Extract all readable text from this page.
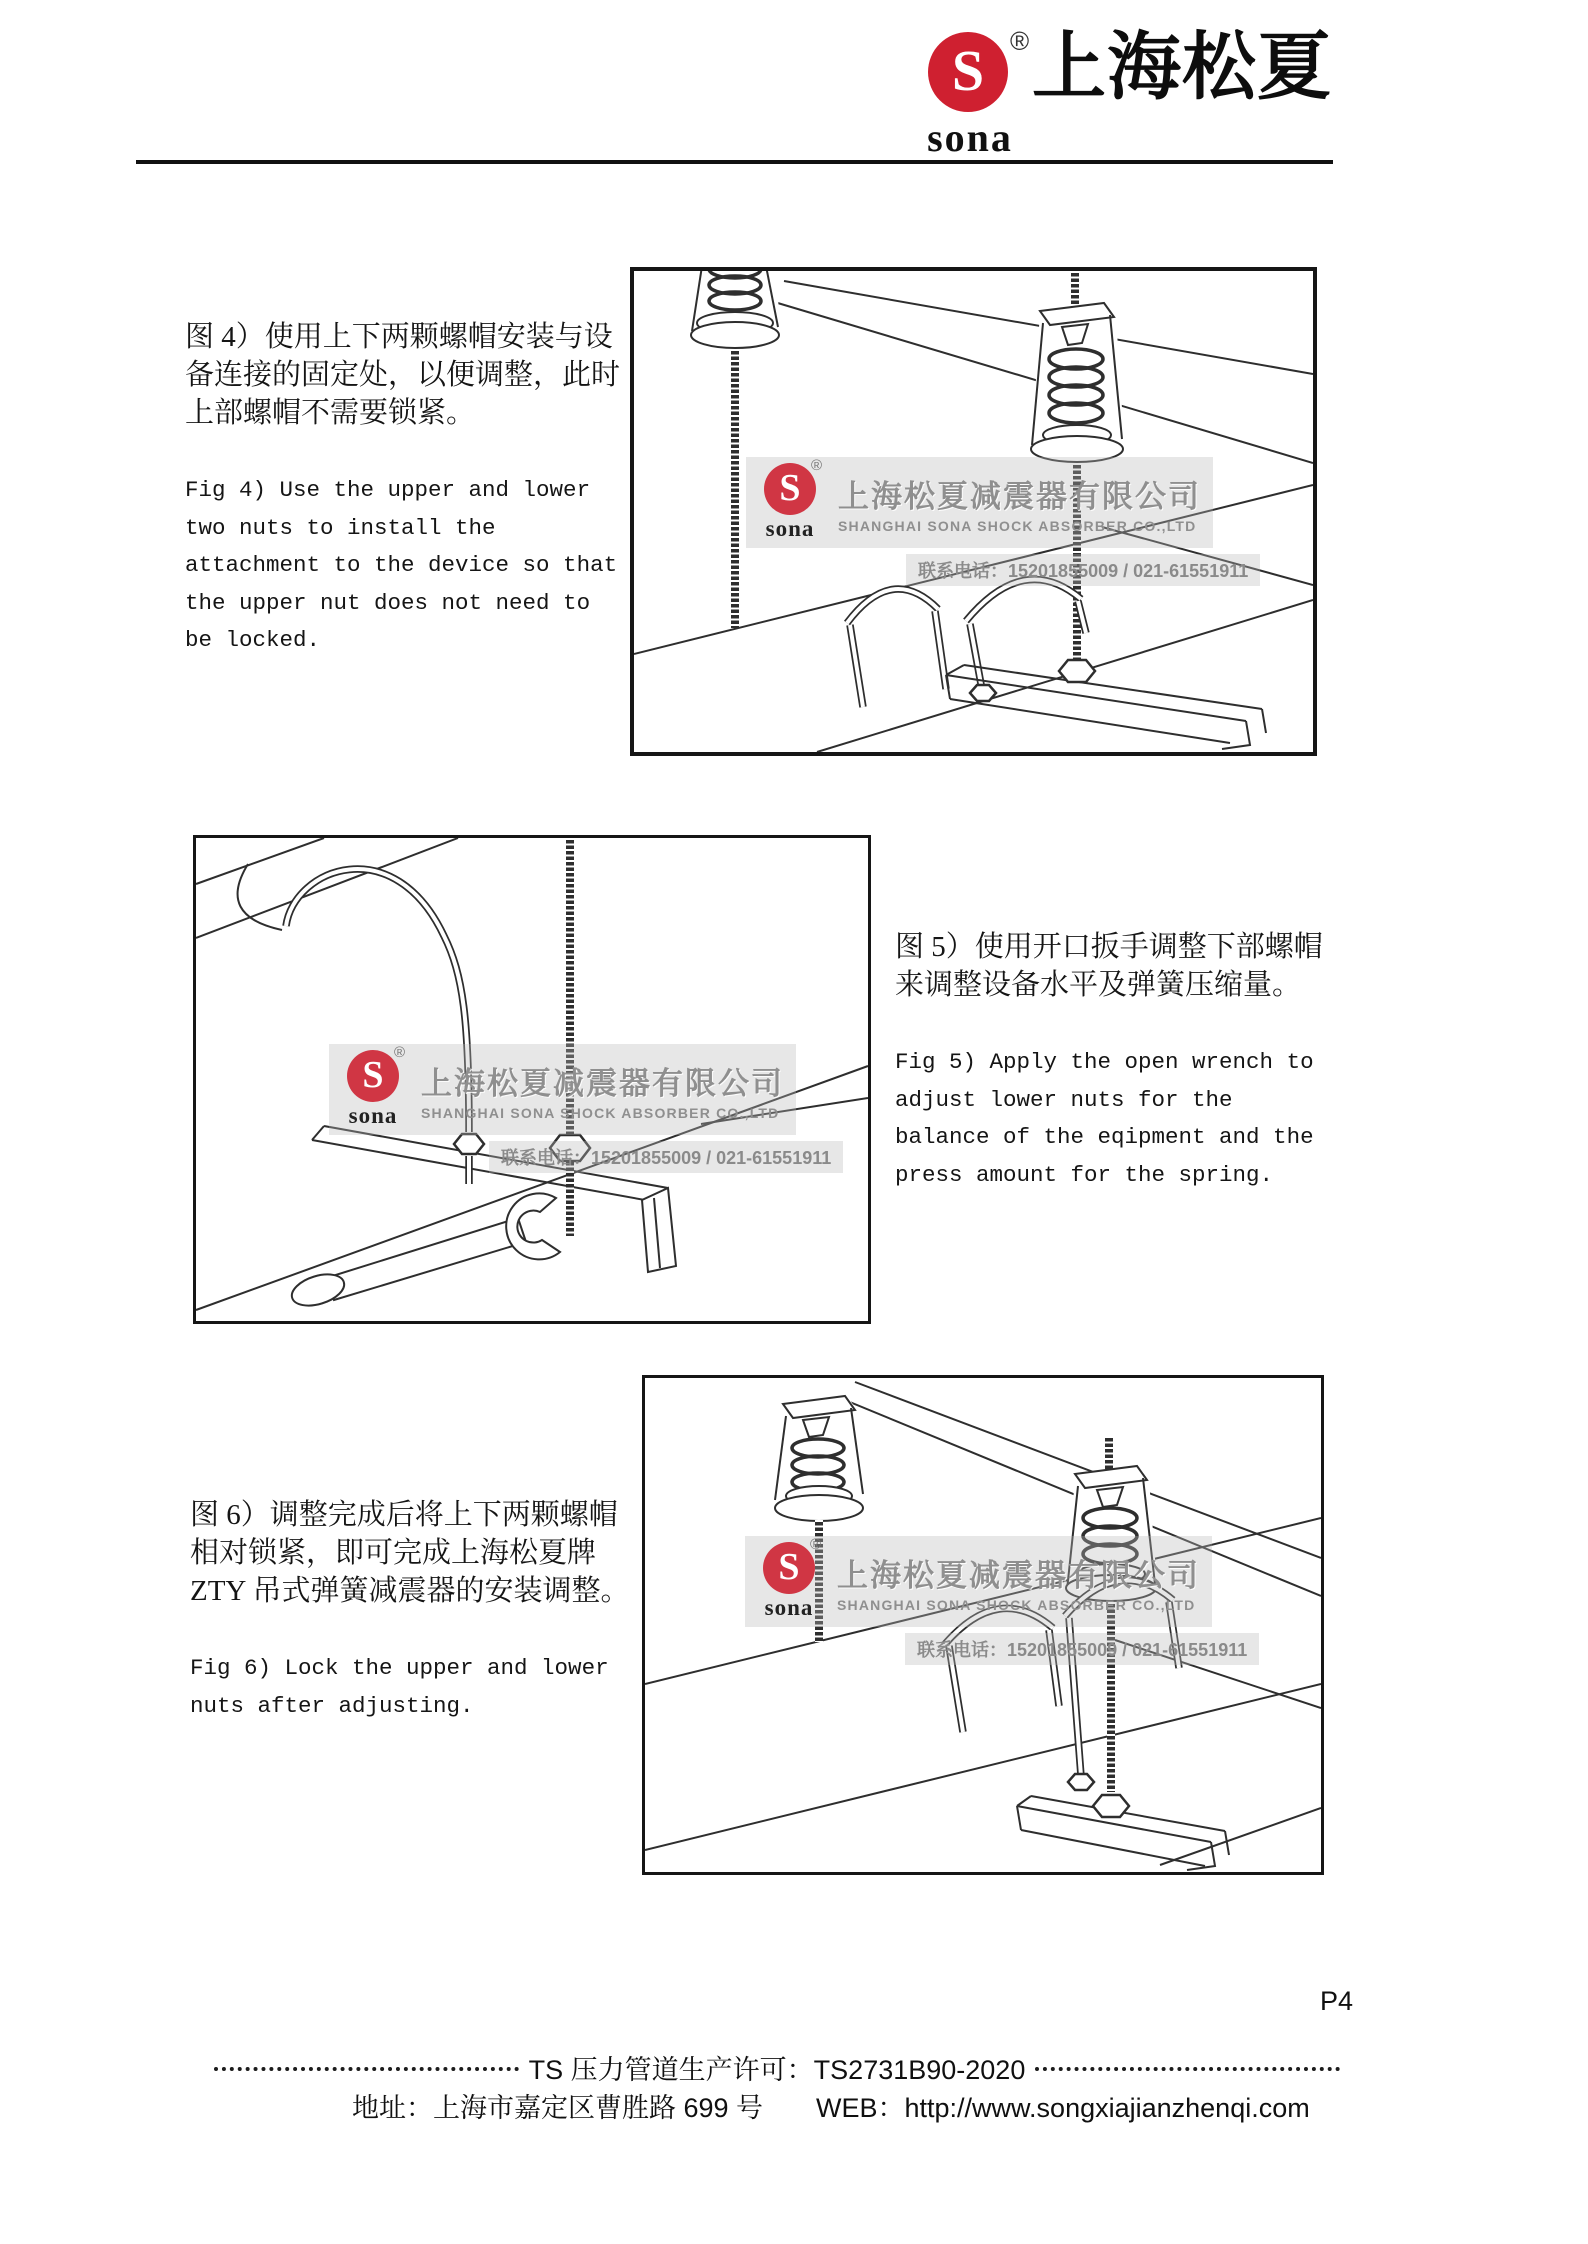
S ®
sona
上海松夏
图 4）使用上下两颗螺帽安装与设
备连接的固定处，以便调整，此时
上部螺帽不需要锁紧。
Fig 4) Use the upper and lower
two nuts to install the
attachment to the device so that
the upper nut does not need to
be locked.
S
®
sona
上海松夏减震器有限公司
SHANGHAI SONA SHOCK ABSORBER CO.,LTD
联系电话：15201855009 / 021-61551911
S
®
sona
上海松夏减震器有限公司
SHANGHAI SONA SHOCK ABSORBER CO.,LTD
联系电话：15201855009 / 021-61551911
图 5）使用开口扳手调整下部螺帽
来调整设备水平及弹簧压缩量。
Fig 5) Apply the open wrench to
adjust lower nuts for the
balance of the eqipment and the
press amount for the spring.
图 6）调整完成后将上下两颗螺帽
相对锁紧，即可完成上海松夏牌
ZTY 吊式弹簧减震器的安装调整。
Fig 6) Lock the upper and lower
nuts after adjusting.
S
®
sona
上海松夏减震器有限公司
SHANGHAI SONA SHOCK ABSORBER CO.,LTD
联系电话：15201855009 / 021-61551911
P4
TS 压力管道生产许可：TS2731B90-2020
地址：上海市嘉定区曹胜路 699 号 WEB：http://www.songxiajianzhenqi.com
